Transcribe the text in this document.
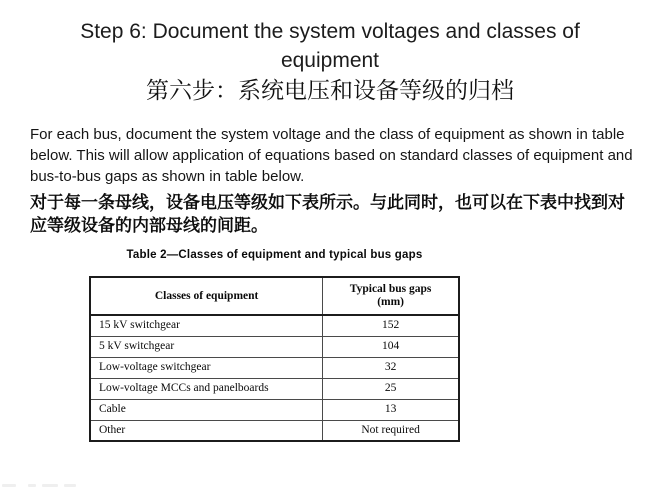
Step 6: Document the system voltages and classes of equipment
第六步：系统电压和设备等级的归档

For each bus, document the system voltage and the class of equipment as shown in table below. This will allow application of equations based on standard classes of equipment and bus-to-bus gaps as shown in table below.

对于每一条母线，设备电压等级如下表所示。与此同时，也可以在下表中找到对应等级设备的内部母线的间距。

Table 2—Classes of equipment and typical bus gaps
Classes of equipment	Typical bus gaps
(mm)

15 kV switchgear	152
5 kV switchgear	104
Low-voltage switchgear	32
Low-voltage MCCs and panelboards	25
Cable	13
Other	Not required
